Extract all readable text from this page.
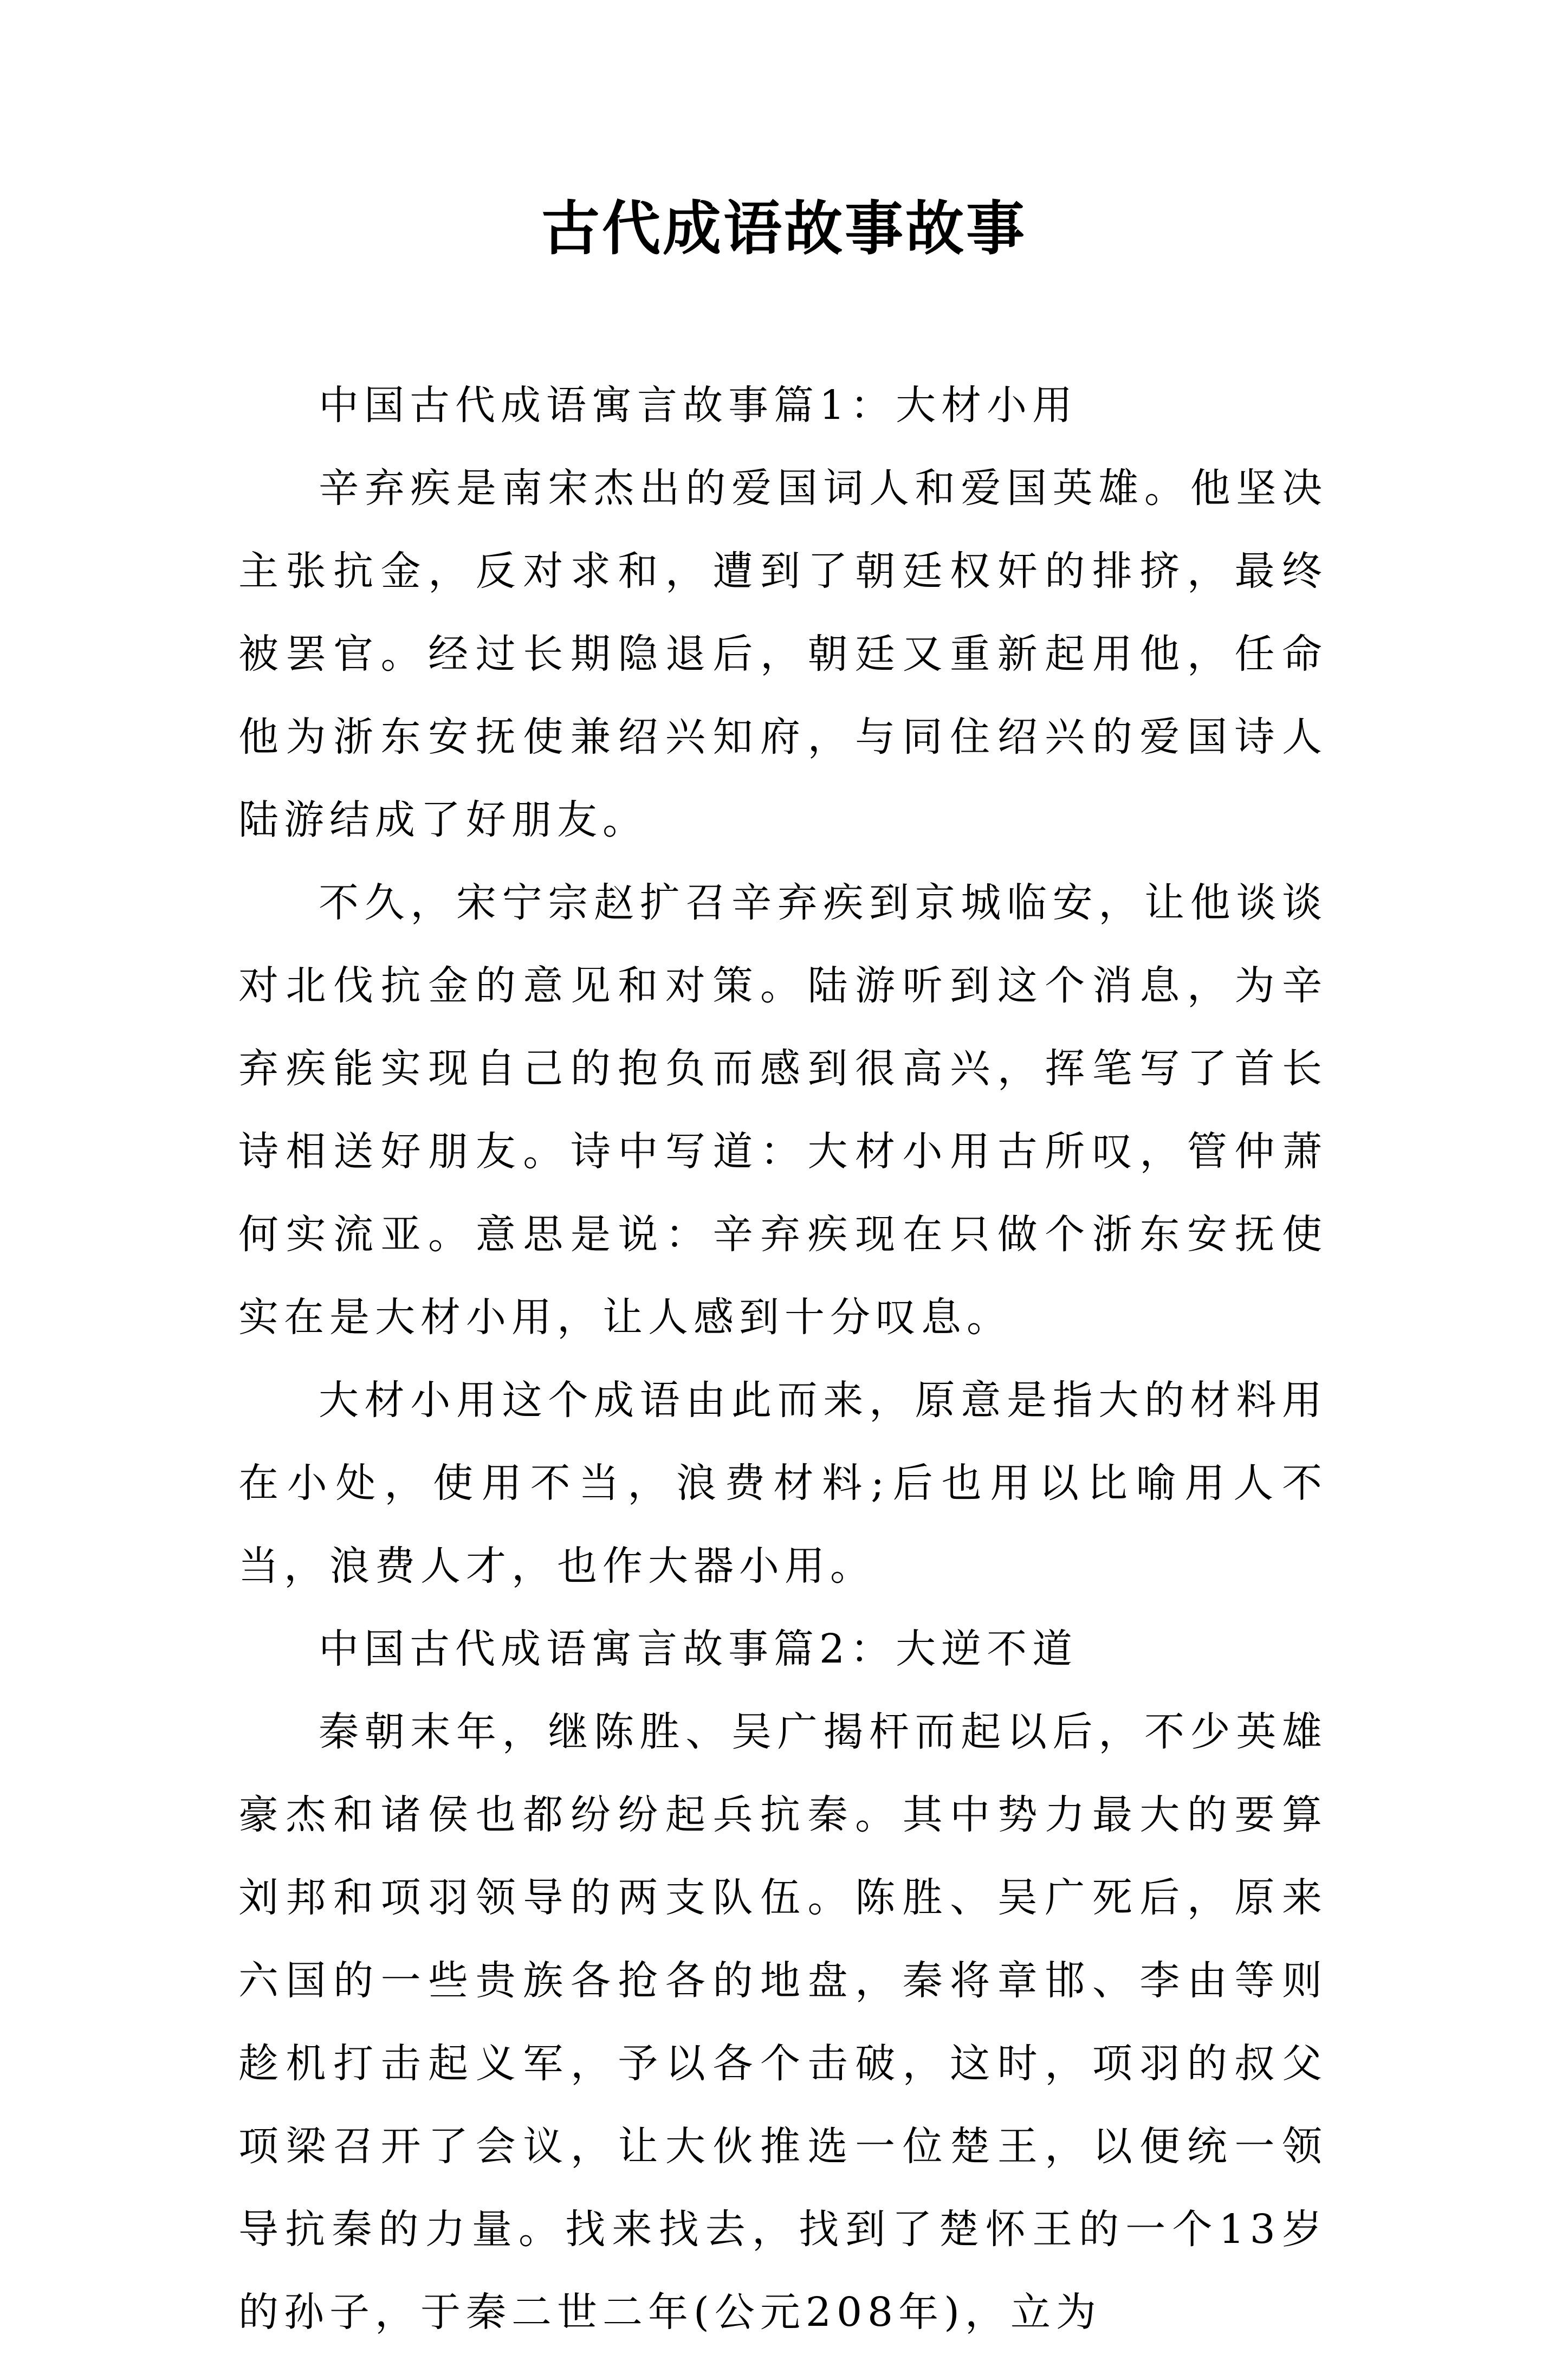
古代成语故事故事

中国古代成语寓言故事篇1：大材小用

辛弃疾是南宋杰出的爱国词人和爱国英雄。他坚决主张抗金，反对求和，遭到了朝廷权奸的排挤，最终被罢官。经过长期隐退后，朝廷又重新起用他，任命他为浙东安抚使兼绍兴知府，与同住绍兴的爱国诗人陆游结成了好朋友。

不久，宋宁宗赵扩召辛弃疾到京城临安，让他谈谈对北伐抗金的意见和对策。陆游听到这个消息，为辛弃疾能实现自己的抱负而感到很高兴，挥笔写了首长诗相送好朋友。诗中写道：大材小用古所叹，管仲萧何实流亚。意思是说：辛弃疾现在只做个浙东安抚使实在是大材小用，让人感到十分叹息。

大材小用这个成语由此而来，原意是指大的材料用在小处，使用不当，浪费材料;后也用以比喻用人不当，浪费人才，也作大器小用。

中国古代成语寓言故事篇2：大逆不道

秦朝末年，继陈胜、吴广揭杆而起以后，不少英雄豪杰和诸侯也都纷纷起兵抗秦。其中势力最大的要算刘邦和项羽领导的两支队伍。陈胜、吴广死后，原来六国的一些贵族各抢各的地盘，秦将章邯、李由等则趁机打击起义军，予以各个击破，这时，项羽的叔父项梁召开了会议，让大伙推选一位楚王，以便统一领导抗秦的力量。找来找去，找到了楚怀王的一个13岁的孙子，于秦二世二年(公元208年)，立为
